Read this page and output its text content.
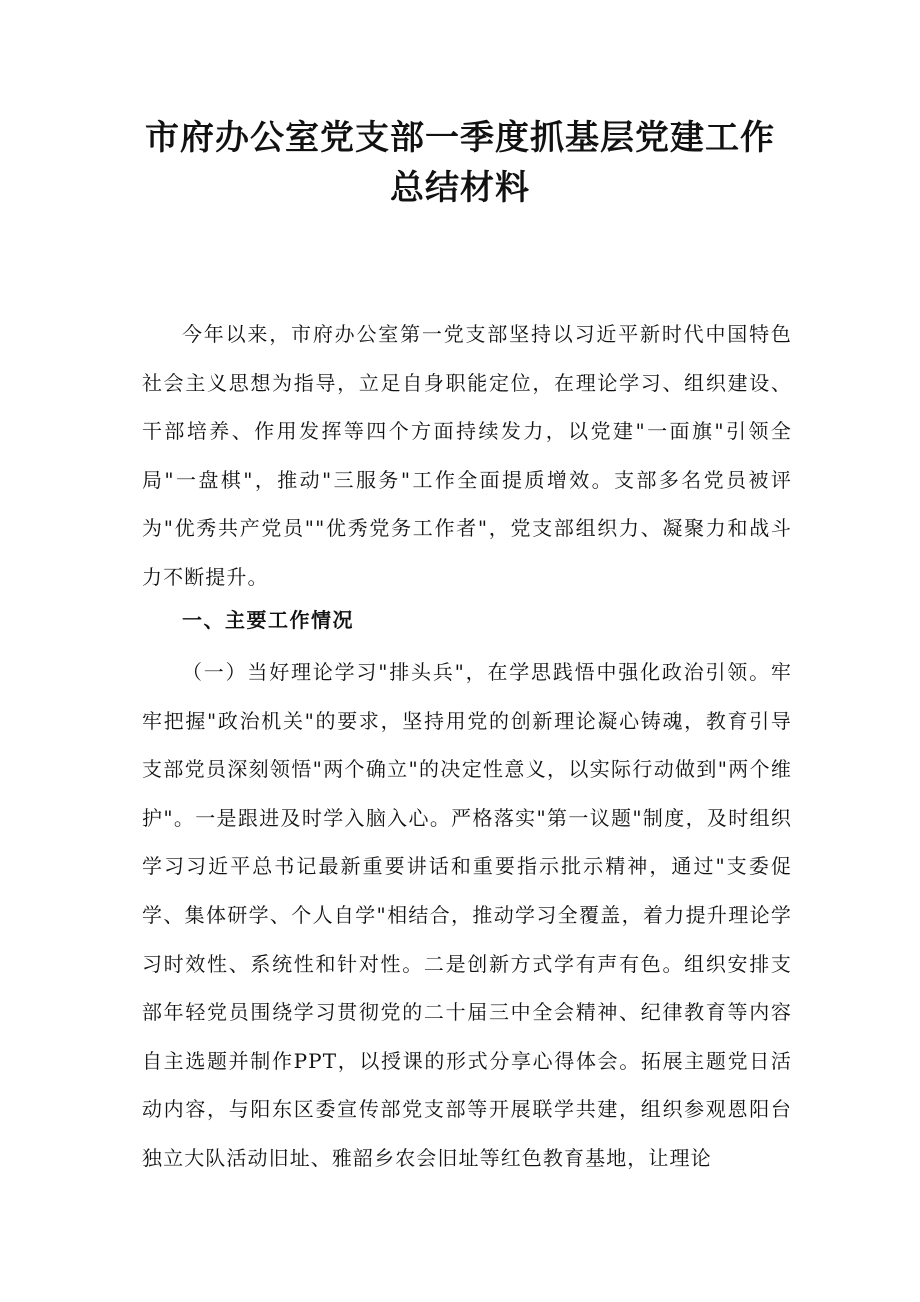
市府办公室党支部一季度抓基层党建工作
总结材料

今年以来，市府办公室第一党支部坚持以习近平新时代中国特色社会主义思想为指导，立足自身职能定位，在理论学习、组织建设、干部培养、作用发挥等四个方面持续发力，以党建"一面旗"引领全局"一盘棋"，推动"三服务"工作全面提质增效。支部多名党员被评为"优秀共产党员""优秀党务工作者"，党支部组织力、凝聚力和战斗力不断提升。

一、主要工作情况

（一）当好理论学习"排头兵"，在学思践悟中强化政治引领。牢牢把握"政治机关"的要求，坚持用党的创新理论凝心铸魂，教育引导支部党员深刻领悟"两个确立"的决定性意义，以实际行动做到"两个维护"。一是跟进及时学入脑入心。严格落实"第一议题"制度，及时组织学习习近平总书记最新重要讲话和重要指示批示精神，通过"支委促学、集体研学、个人自学"相结合，推动学习全覆盖，着力提升理论学习时效性、系统性和针对性。二是创新方式学有声有色。组织安排支部年轻党员围绕学习贯彻党的二十届三中全会精神、纪律教育等内容自主选题并制作PPT，以授课的形式分享心得体会。拓展主题党日活动内容，与阳东区委宣传部党支部等开展联学共建，组织参观恩阳台独立大队活动旧址、雅韶乡农会旧址等红色教育基地，让理论
